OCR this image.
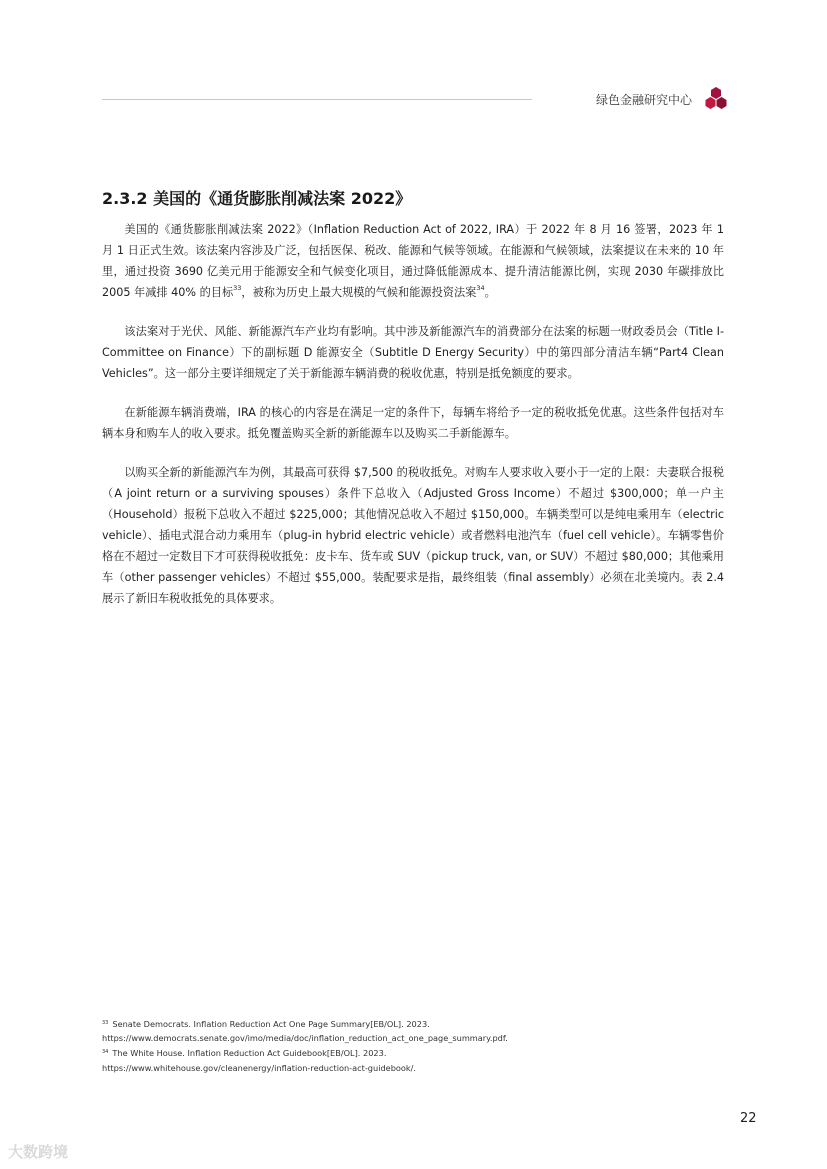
绿色金融研究中心
2.3.2 美国的《通货膨胀削减法案 2022》

美国的《通货膨胀削减法案 2022》（Inflation Reduction Act of 2022, IRA）于 2022 年 8 月 16 签署，2023 年 1 月 1 日正式生效。该法案内容涉及广泛，包括医保、税改、能源和气候等领域。在能源和气候领域，法案提议在未来的 10 年里，通过投资 3690 亿美元用于能源安全和气候变化项目，通过降低能源成本、提升清洁能源比例，实现 2030 年碳排放比 2005 年减排 40% 的目标$^{33}$，被称为历史上最大规模的气候和能源投资法案$^{34}$。

该法案对于光伏、风能、新能源汽车产业均有影响。其中涉及新能源汽车的消费部分在法案的标题一财政委员会（Title I- Committee on Finance）下的副标题 D 能源安全（Subtitle D Energy Security）中的第四部分清洁车辆“Part4 Clean Vehicles”。这一部分主要详细规定了关于新能源车辆消费的税收优惠，特别是抵免额度的要求。

在新能源车辆消费端，IRA 的核心的内容是在满足一定的条件下，每辆车将给予一定的税收抵免优惠。这些条件包括对车辆本身和购车人的收入要求。抵免覆盖购买全新的新能源车以及购买二手新能源车。

以购买全新的新能源汽车为例，其最高可获得 $7,500 的税收抵免。对购车人要求收入要小于一定的上限：夫妻联合报税（A joint return or a surviving spouses）条件下总收入（Adjusted Gross Income）不超过 $300,000；单一户主（Household）报税下总收入不超过 $225,000；其他情况总收入不超过 $150,000。车辆类型可以是纯电乘用车（electric vehicle）、插电式混合动力乘用车（plug-in hybrid electric vehicle）或者燃料电池汽车（fuel cell vehicle）。车辆零售价格在不超过一定数目下才可获得税收抵免：皮卡车、货车或 SUV（pickup truck, van, or SUV）不超过 $80,000；其他乘用车（other passenger vehicles）不超过 $55,000。装配要求是指，最终组装（final assembly）必须在北美境内。表 2.4 展示了新旧车税收抵免的具体要求。

$^{33}$ Senate Democrats. Inflation Reduction Act One Page Summary[EB/OL]. 2023.
https://www.democrats.senate.gov/imo/media/doc/inflation_reduction_act_one_page_summary.pdf.
$^{34}$ The White House. Inflation Reduction Act Guidebook[EB/OL]. 2023.
https://www.whitehouse.gov/cleanenergy/inflation-reduction-act-guidebook/.
22
大数跨境
